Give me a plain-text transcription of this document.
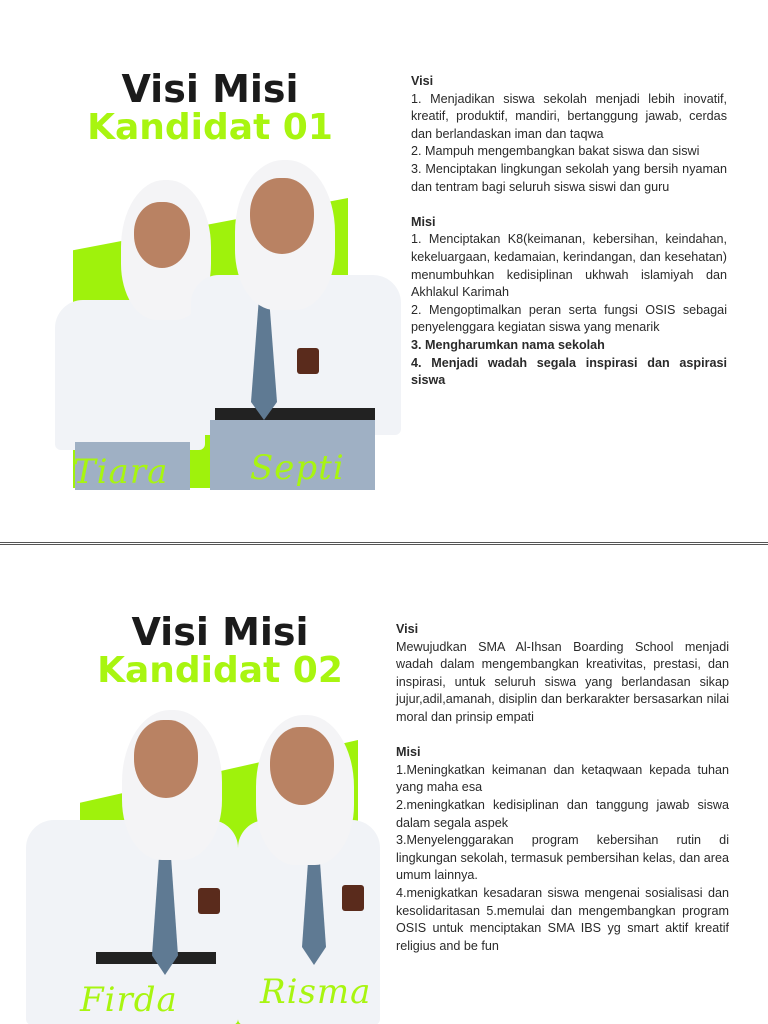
Visi Misi
Kandidat 01
Tiara Septi
Visi
1. Menjadikan siswa sekolah menjadi lebih inovatif, kreatif, produktif, mandiri, bertanggung jawab, cerdas dan berlandaskan iman dan taqwa
2. Mampuh mengembangkan bakat siswa dan siswi
3. Menciptakan lingkungan sekolah yang bersih nyaman dan tentram bagi seluruh siswa siswi dan guru
Misi
1. Menciptakan K8(keimanan, kebersihan, keindahan, kekeluargaan, kedamaian, kerindangan, dan kesehatan) menumbuhkan kedisiplinan ukhwah islamiyah dan Akhlakul Karimah
2. Mengoptimalkan peran serta fungsi OSIS sebagai penyelenggara kegiatan siswa yang menarik
3. Mengharumkan nama sekolah
4. Menjadi wadah segala inspirasi dan aspirasi siswa
Visi Misi
Kandidat 02
Firda Risma
Visi
Mewujudkan SMA Al-Ihsan Boarding School menjadi wadah dalam mengembangkan kreativitas, prestasi, dan inspirasi, untuk seluruh siswa yang berlandasan sikap jujur,adil,amanah, disiplin dan berkarakter bersasarkan nilai moral dan prinsip empati
Misi
1.Meningkatkan keimanan dan ketaqwaan kepada tuhan yang maha esa
2.meningkatkan kedisiplinan dan tanggung jawab siswa dalam segala aspek
3.Menyelenggarakan program kebersihan rutin di lingkungan sekolah, termasuk pembersihan kelas, dan area umum lainnya.
4.menigkatkan kesadaran siswa mengenai sosialisasi dan kesolidaritasan 5.memulai dan mengembangkan program OSIS untuk menciptakan SMA IBS yg smart aktif kreatif religius and be fun
